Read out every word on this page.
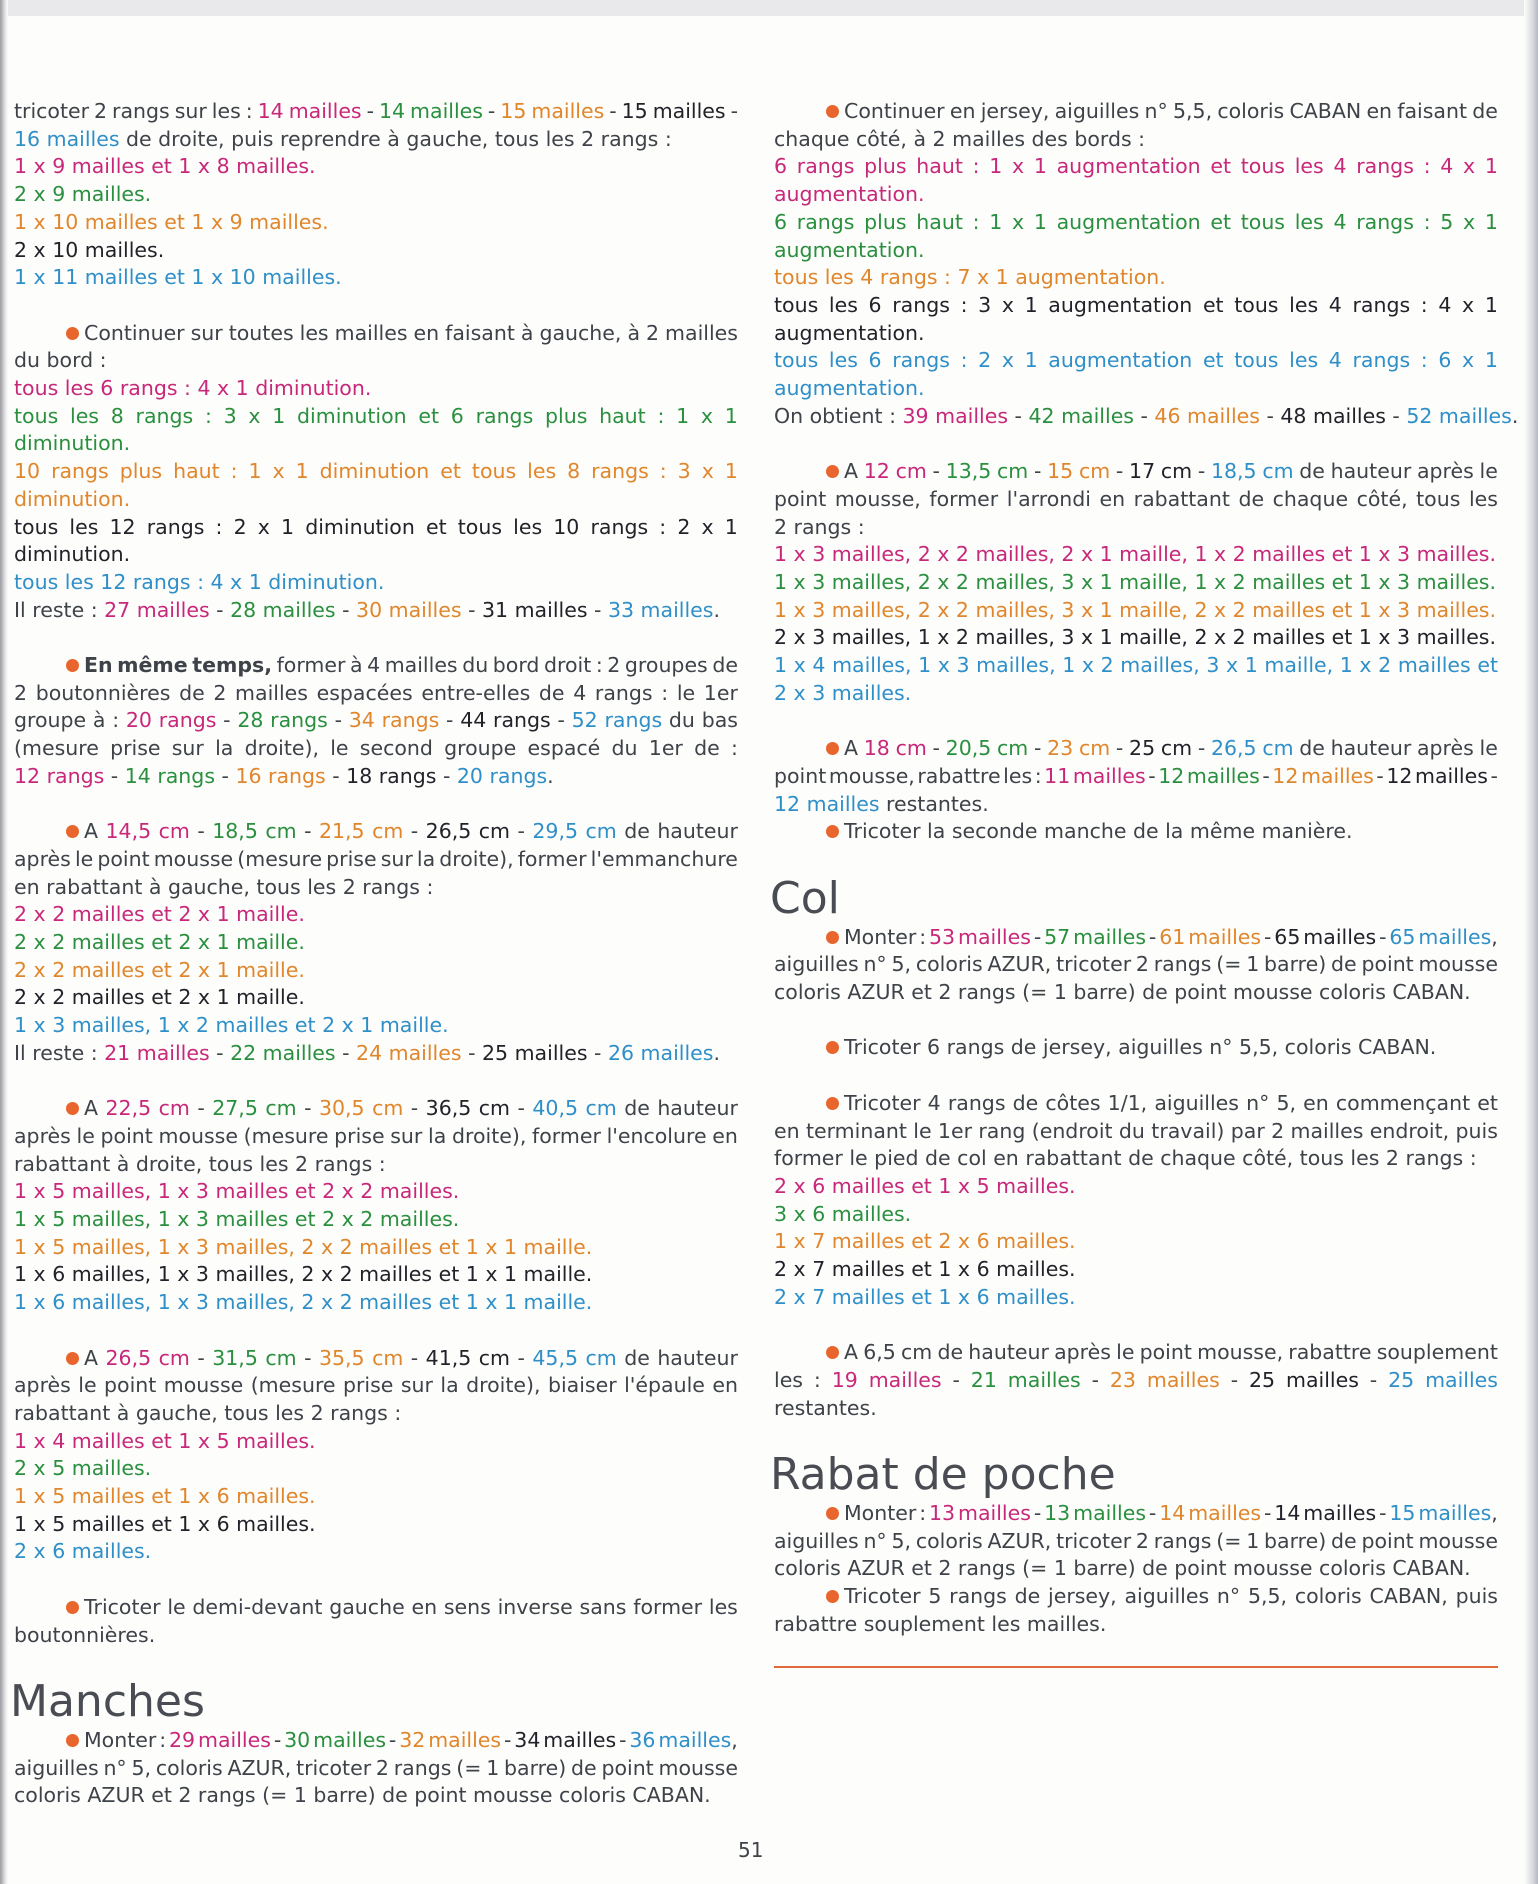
tricoter 2 rangs sur les : 14 mailles - 14 mailles - 15 mailles - 15 mailles -
16 mailles de droite, puis reprendre à gauche, tous les 2 rangs :
1 x 9 mailles et 1 x 8 mailles.
2 x 9 mailles.
1 x 10 mailles et 1 x 9 mailles.
2 x 10 mailles.
1 x 11 mailles et 1 x 10 mailles.
Continuer sur toutes les mailles en faisant à gauche, à 2 mailles
du bord :
tous les 6 rangs : 4 x 1 diminution.
tous les 8 rangs : 3 x 1 diminution et 6 rangs plus haut : 1 x 1
diminution.
10 rangs plus haut : 1 x 1 diminution et tous les 8 rangs : 3 x 1
diminution.
tous les 12 rangs : 2 x 1 diminution et tous les 10 rangs : 2 x 1
diminution.
tous les 12 rangs : 4 x 1 diminution.
Il reste : 27 mailles - 28 mailles - 30 mailles - 31 mailles - 33 mailles.
En même temps, former à 4 mailles du bord droit : 2 groupes de
2 boutonnières de 2 mailles espacées entre-elles de 4 rangs : le 1er
groupe à : 20 rangs - 28 rangs - 34 rangs - 44 rangs - 52 rangs du bas
(mesure prise sur la droite), le second groupe espacé du 1er de :
12 rangs - 14 rangs - 16 rangs - 18 rangs - 20 rangs.
A 14,5 cm - 18,5 cm - 21,5 cm - 26,5 cm - 29,5 cm de hauteur
après le point mousse (mesure prise sur la droite), former l'emmanchure
en rabattant à gauche, tous les 2 rangs :
2 x 2 mailles et 2 x 1 maille.
2 x 2 mailles et 2 x 1 maille.
2 x 2 mailles et 2 x 1 maille.
2 x 2 mailles et 2 x 1 maille.
1 x 3 mailles, 1 x 2 mailles et 2 x 1 maille.
Il reste : 21 mailles - 22 mailles - 24 mailles - 25 mailles - 26 mailles.
A 22,5 cm - 27,5 cm - 30,5 cm - 36,5 cm - 40,5 cm de hauteur
après le point mousse (mesure prise sur la droite), former l'encolure en
rabattant à droite, tous les 2 rangs :
1 x 5 mailles, 1 x 3 mailles et 2 x 2 mailles.
1 x 5 mailles, 1 x 3 mailles et 2 x 2 mailles.
1 x 5 mailles, 1 x 3 mailles, 2 x 2 mailles et 1 x 1 maille.
1 x 6 mailles, 1 x 3 mailles, 2 x 2 mailles et 1 x 1 maille.
1 x 6 mailles, 1 x 3 mailles, 2 x 2 mailles et 1 x 1 maille.
A 26,5 cm - 31,5 cm - 35,5 cm - 41,5 cm - 45,5 cm de hauteur
après le point mousse (mesure prise sur la droite), biaiser l'épaule en
rabattant à gauche, tous les 2 rangs :
1 x 4 mailles et 1 x 5 mailles.
2 x 5 mailles.
1 x 5 mailles et 1 x 6 mailles.
1 x 5 mailles et 1 x 6 mailles.
2 x 6 mailles.
Tricoter le demi-devant gauche en sens inverse sans former les
boutonnières.
Manches
Monter : 29 mailles - 30 mailles - 32 mailles - 34 mailles - 36 mailles,
aiguilles n° 5, coloris AZUR, tricoter 2 rangs (= 1 barre) de point mousse
coloris AZUR et 2 rangs (= 1 barre) de point mousse coloris CABAN.
Continuer en jersey, aiguilles n° 5,5, coloris CABAN en faisant de
chaque côté, à 2 mailles des bords :
6 rangs plus haut : 1 x 1 augmentation et tous les 4 rangs : 4 x 1
augmentation.
6 rangs plus haut : 1 x 1 augmentation et tous les 4 rangs : 5 x 1
augmentation.
tous les 4 rangs : 7 x 1 augmentation.
tous les 6 rangs : 3 x 1 augmentation et tous les 4 rangs : 4 x 1
augmentation.
tous les 6 rangs : 2 x 1 augmentation et tous les 4 rangs : 6 x 1
augmentation.
On obtient : 39 mailles - 42 mailles - 46 mailles - 48 mailles - 52 mailles.
A 12 cm - 13,5 cm - 15 cm - 17 cm - 18,5 cm de hauteur après le
point mousse, former l'arrondi en rabattant de chaque côté, tous les
2 rangs :
1 x 3 mailles, 2 x 2 mailles, 2 x 1 maille, 1 x 2 mailles et 1 x 3 mailles.
1 x 3 mailles, 2 x 2 mailles, 3 x 1 maille, 1 x 2 mailles et 1 x 3 mailles.
1 x 3 mailles, 2 x 2 mailles, 3 x 1 maille, 2 x 2 mailles et 1 x 3 mailles.
2 x 3 mailles, 1 x 2 mailles, 3 x 1 maille, 2 x 2 mailles et 1 x 3 mailles.
1 x 4 mailles, 1 x 3 mailles, 1 x 2 mailles, 3 x 1 maille, 1 x 2 mailles et
2 x 3 mailles.
A 18 cm - 20,5 cm - 23 cm - 25 cm - 26,5 cm de hauteur après le
point mousse, rabattre les : 11 mailles - 12 mailles - 12 mailles - 12 mailles -
12 mailles restantes.
Tricoter la seconde manche de la même manière.
Col
Monter : 53 mailles - 57 mailles - 61 mailles - 65 mailles - 65 mailles,
aiguilles n° 5, coloris AZUR, tricoter 2 rangs (= 1 barre) de point mousse
coloris AZUR et 2 rangs (= 1 barre) de point mousse coloris CABAN.
Tricoter 6 rangs de jersey, aiguilles n° 5,5, coloris CABAN.
Tricoter 4 rangs de côtes 1/1, aiguilles n° 5, en commençant et
en terminant le 1er rang (endroit du travail) par 2 mailles endroit, puis
former le pied de col en rabattant de chaque côté, tous les 2 rangs :
2 x 6 mailles et 1 x 5 mailles.
3 x 6 mailles.
1 x 7 mailles et 2 x 6 mailles.
2 x 7 mailles et 1 x 6 mailles.
2 x 7 mailles et 1 x 6 mailles.
A 6,5 cm de hauteur après le point mousse, rabattre souplement
les : 19 mailles - 21 mailles - 23 mailles - 25 mailles - 25 mailles
restantes.
Rabat de poche
Monter : 13 mailles - 13 mailles - 14 mailles - 14 mailles - 15 mailles,
aiguilles n° 5, coloris AZUR, tricoter 2 rangs (= 1 barre) de point mousse
coloris AZUR et 2 rangs (= 1 barre) de point mousse coloris CABAN.
Tricoter 5 rangs de jersey, aiguilles n° 5,5, coloris CABAN, puis
rabattre souplement les mailles.
51
